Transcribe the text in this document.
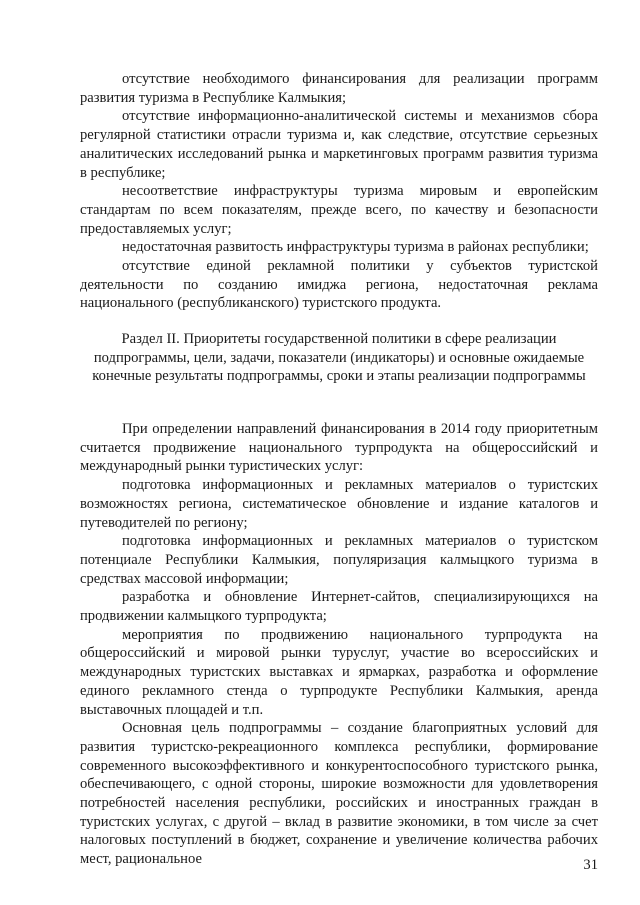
отсутствие необходимого финансирования для реализации программ развития туризма в Республике Калмыкия;

отсутствие информационно-аналитической системы и механизмов сбора регулярной статистики отрасли туризма и, как следствие, отсутствие серьезных аналитических исследований рынка и маркетинговых программ развития туризма в республике;

несоответствие инфраструктуры туризма мировым и европейским стандартам по всем показателям, прежде всего, по качеству и безопасности предоставляемых услуг;

недостаточная развитость инфраструктуры туризма в районах республики;

отсутствие единой рекламной политики у субъектов туристской деятельности по созданию имиджа региона, недостаточная реклама национального (республиканского) туристского продукта.

Раздел II. Приоритеты государственной политики в сфере реализации подпрограммы, цели, задачи, показатели (индикаторы) и основные ожидаемые конечные результаты подпрограммы, сроки и этапы реализации подпрограммы

При определении направлений финансирования в 2014 году приоритетным считается продвижение национального турпродукта на общероссийский и международный рынки туристических услуг:

подготовка информационных и рекламных материалов о туристских возможностях региона, систематическое обновление и издание каталогов и путеводителей по региону;

подготовка информационных и рекламных материалов о туристском потенциале Республики Калмыкия, популяризация калмыцкого туризма в средствах массовой информации;

разработка и обновление Интернет-сайтов, специализирующихся на продвижении калмыцкого турпродукта;

мероприятия по продвижению национального турпродукта на общероссийский и мировой рынки туруслуг, участие во всероссийских и международных туристских выставках и ярмарках, разработка и оформление единого рекламного стенда о турпродукте Республики Калмыкия, аренда выставочных площадей и т.п.

Основная цель подпрограммы – создание благоприятных условий для развития туристско-рекреационного комплекса республики, формирование современного высокоэффективного и конкурентоспособного туристского рынка, обеспечивающего, с одной стороны, широкие возможности для удовлетворения потребностей населения республики, российских и иностранных граждан в туристских услугах, с другой – вклад в развитие экономики, в том числе за счет налоговых поступлений в бюджет, сохранение и увеличение количества рабочих мест, рациональное	31
